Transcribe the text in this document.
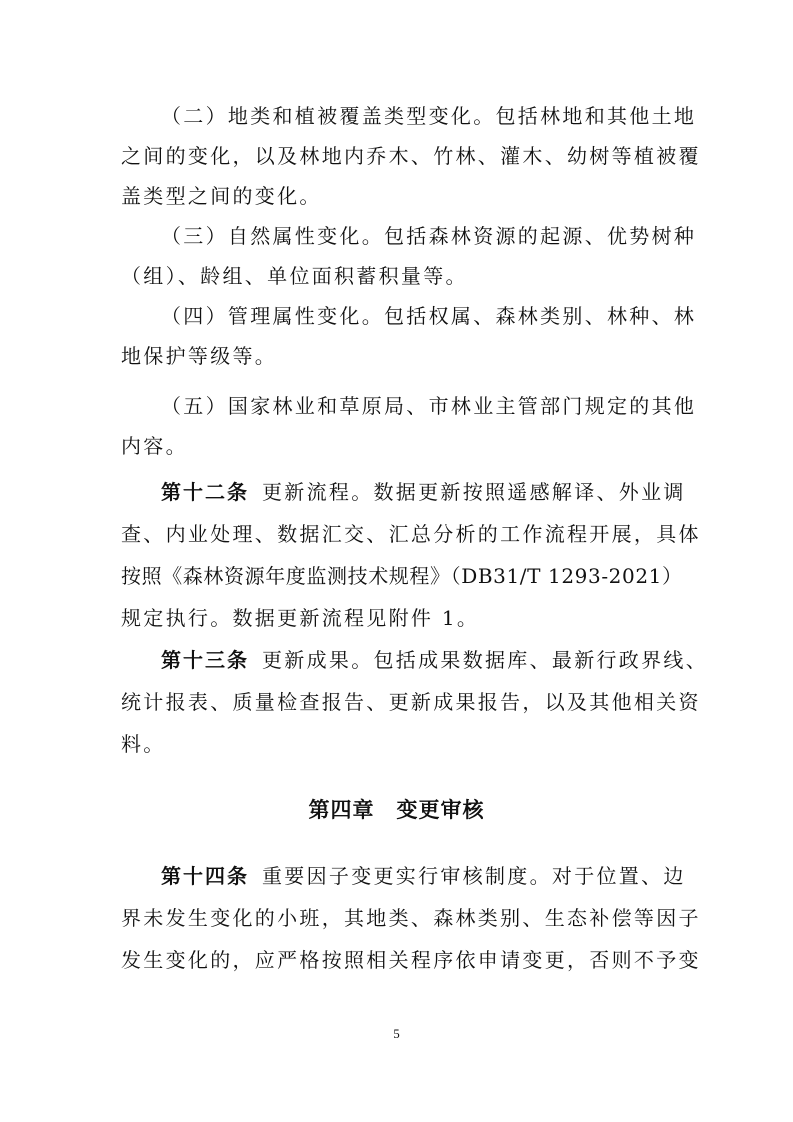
（二）地类和植被覆盖类型变化。包括林地和其他土地
之间的变化，以及林地内乔木、竹林、灌木、幼树等植被覆
盖类型之间的变化。
（三）自然属性变化。包括森林资源的起源、优势树种
（组）、龄组、单位面积蓄积量等。
（四）管理属性变化。包括权属、森林类别、林种、林
地保护等级等。
（五）国家林业和草原局、市林业主管部门规定的其他
内容。
第十二条 更新流程。数据更新按照遥感解译、外业调
查、内业处理、数据汇交、汇总分析的工作流程开展，具体
按照《森林资源年度监测技术规程》（DB31/T 1293-2021）
规定执行。数据更新流程见附件 1。
第十三条 更新成果。包括成果数据库、最新行政界线、
统计报表、质量检查报告、更新成果报告，以及其他相关资
料。
第四章　变更审核
第十四条 重要因子变更实行审核制度。对于位置、边
界未发生变化的小班，其地类、森林类别、生态补偿等因子
发生变化的，应严格按照相关程序依申请变更，否则不予变
5
